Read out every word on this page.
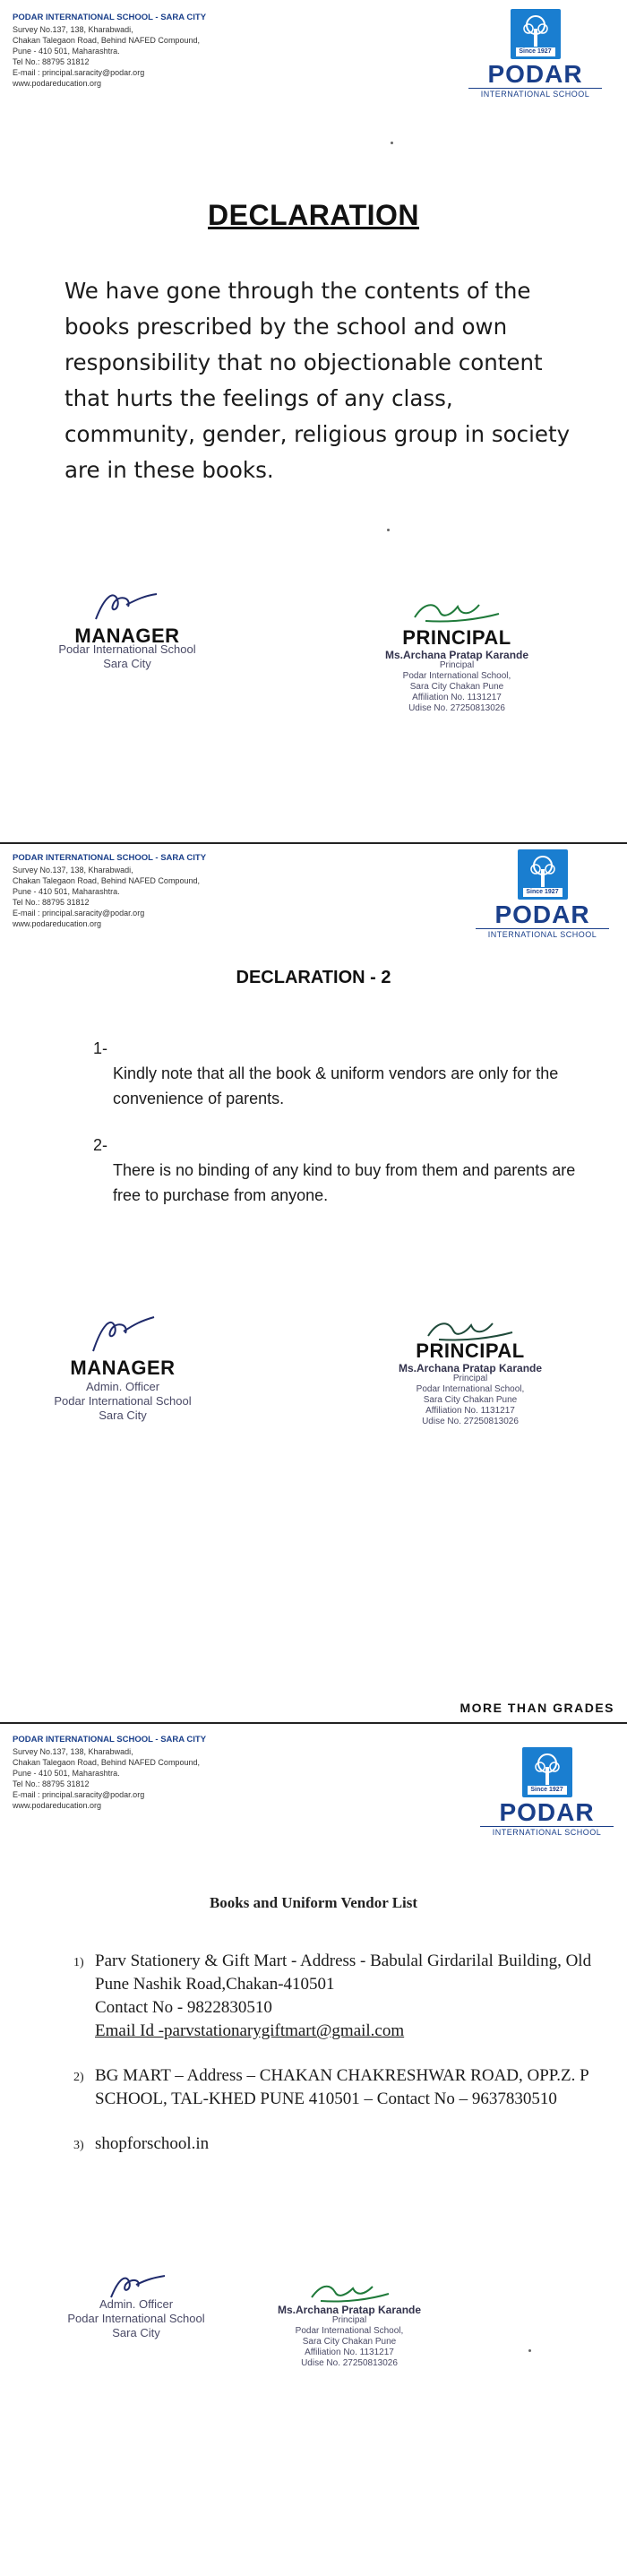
PODAR INTERNATIONAL SCHOOL - SARA CITY
Survey No.137, 138, Kharabwadi,
Chakan Talegaon Road, Behind NAFED Compound,
Pune - 410 501, Maharashtra.
Tel No.: 88795 31812
E-mail : principal.saracity@podar.org
www.podareducation.org
Since 1927
PODAR
INTERNATIONAL SCHOOL
DECLARATION
We have gone through the contents of the books prescribed by the school and own responsibility that no objectionable content that hurts the feelings of any class, community, gender, religious group in society are in these books.
MANAGER
Podar International School
Sara City
PRINCIPAL
Ms.Archana Pratap Karande
Principal
Podar International School,
Sara City Chakan Pune
Affiliation No. 1131217
Udise No. 27250813026
PODAR INTERNATIONAL SCHOOL - SARA CITY
Survey No.137, 138, Kharabwadi,
Chakan Talegaon Road, Behind NAFED Compound,
Pune - 410 501, Maharashtra.
Tel No.: 88795 31812
E-mail : principal.saracity@podar.org
www.podareducation.org
Since 1927
PODAR
INTERNATIONAL SCHOOL
DECLARATION - 2
1-
Kindly note that all the book & uniform vendors are only for the convenience of parents.
2-
There is no binding of any kind to buy from them and parents are free to purchase from anyone.
MANAGER
Admin. Officer
Podar International School
Sara City
PRINCIPAL
Ms.Archana Pratap Karande
Principal
Podar International School,
Sara City Chakan Pune
Affiliation No. 1131217
Udise No. 27250813026
MORE THAN GRADES
PODAR INTERNATIONAL SCHOOL - SARA CITY
Survey No.137, 138, Kharabwadi,
Chakan Talegaon Road, Behind NAFED Compound,
Pune - 410 501, Maharashtra.
Tel No.: 88795 31812
E-mail : principal.saracity@podar.org
www.podareducation.org
Since 1927
PODAR
INTERNATIONAL SCHOOL
Books and Uniform Vendor List
1) Parv Stationery & Gift Mart - Address - Babulal Girdarilal Building, Old Pune Nashik Road,Chakan-410501
Contact No - 9822830510
Email Id -parvstationarygiftmart@gmail.com
2) BG MART – Address – CHAKAN CHAKRESHWAR ROAD, OPP.Z. P SCHOOL, TAL-KHED PUNE 410501 – Contact No – 9637830510
3) shopforschool.in
Admin. Officer
Podar International School
Sara City
Ms.Archana Pratap Karande
Principal
Podar International School,
Sara City Chakan Pune
Affiliation No. 1131217
Udise No. 27250813026
